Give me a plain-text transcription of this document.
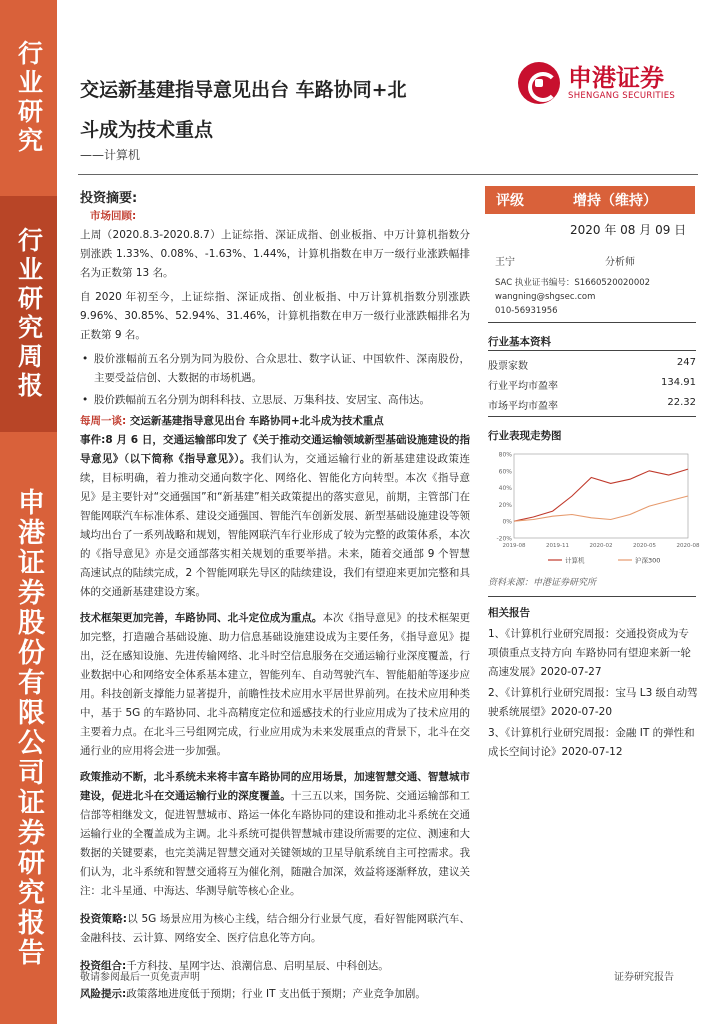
行业研究
行业研究周报
申港证券股份有限公司证券研究报告
交运新基建指导意见出台 车路协同+北
斗成为技术重点
——计算机
申港证券
SHENGANG SECURITIES
投资摘要:
市场回顾:

上周（2020.8.3-2020.8.7）上证综指、深证成指、创业板指、中万计算机指数分别涨跌 1.33%、0.08%、-1.63%、1.44%，计算机指数在申万一级行业涨跌幅排名为正数第 13 名。

自 2020 年初至今，上证综指、深证成指、创业板指、中万计算机指数分别涨跌 9.96%、30.85%、52.94%、31.46%，计算机指数在申万一级行业涨跌幅排名为正数第 9 名。

• 股价涨幅前五名分别为同为股份、合众思壮、数字认证、中国软件、深南股份，主要受益信创、大数据的市场机遇。

• 股价跌幅前五名分别为朗科科技、立思辰、万集科技、安居宝、高伟达。

每周一谈: 交运新基建指导意见出台 车路协同+北斗成为技术重点

事件:8 月 6 日，交通运输部印发了《关于推动交通运输领域新型基础设施建设的指导意见》（以下简称《指导意见》）。我们认为，交通运输行业的新基建建设政策连续，目标明确，着力推动交通向数字化、网络化、智能化方向转型。本次《指导意见》是主要针对“交通强国”和“新基建”相关政策提出的落实意见，前期，主管部门在智能网联汽车标准体系、建设交通强国、智能汽车创新发展、新型基础设施建设等领域均出台了一系列战略和规划，智能网联汽车行业形成了较为完整的政策体系，本次的《指导意见》亦是交通部落实相关规划的重要举措。未来，随着交通部 9 个智慧高速试点的陆续完成，2 个智能网联先导区的陆续建设，我们有望迎来更加完整和具体的交通新基建建设方案。

技术框架更加完善，车路协同、北斗定位成为重点。本次《指导意见》的技术框架更加完整，打造融合基础设施、助力信息基础设施建设成为主要任务，《指导意见》提出，泛在感知设施、先进传输网络、北斗时空信息服务在交通运输行业深度覆盖，行业数据中心和网络安全体系基本建立，智能列车、自动驾驶汽车、智能船舶等逐步应用。科技创新支撑能力显著提升，前瞻性技术应用水平居世界前列。在技术应用种类中，基于 5G 的车路协同、北斗高精度定位和遥感技术的行业应用成为了技术应用的主要着力点。在北斗三号组网完成，行业应用成为未来发展重点的背景下，北斗在交通行业的应用将会进一步加强。

政策推动不断，北斗系统未来将丰富车路协同的应用场景，加速智慧交通、智慧城市建设，促进北斗在交通运输行业的深度覆盖。十三五以来，国务院、交通运输部和工信部等相继发文，促进智慧城市、路运一体化车路协同的建设和推动北斗系统在交通运输行业的全覆盖成为主调。北斗系统可提供智慧城市建设所需要的定位、测速和大数据的关键要素，也完美满足智慧交通对关键领域的卫星导航系统自主可控需求。我们认为，北斗系统和智慧交通将互为催化剂，随融合加深，效益将逐渐释放，建议关注：北斗星通、中海达、华测导航等核心企业。

投资策略:以 5G 场景应用为核心主线，结合细分行业景气度，看好智能网联汽车、金融科技、云计算、网络安全、医疗信息化等方向。

投资组合:千方科技、星网宇达、浪潮信息、启明星辰、中科创达。

风险提示:政策落地进度低于预期；行业 IT 支出低于预期；产业竞争加剧。

评级	增持（维持）
2020 年 08 月 09 日
王宁	分析师
SAC 执业证书编号：S1660520020002
wangning@shgsec.com
010-56931956
行业基本资料
股票家数	247
行业平均市盈率	134.91
市场平均市盈率	22.32
行业表现走势图
-20%
0%
20%
40%
60%
80%
2019-08	2019-11	2020-02	2020-05	2020-08
计算机	沪深300
资料来源：申港证券研究所
相关报告

1、《计算机行业研究周报：交通投资成为专项债重点支持方向 车路协同有望迎来新一轮高速发展》2020-07-27

2、《计算机行业研究周报：宝马 L3 级自动驾驶系统展望》2020-07-20

3、《计算机行业研究周报：金融 IT 的弹性和成长空间讨论》2020-07-12

敬请参阅最后一页免责声明	证券研究报告
